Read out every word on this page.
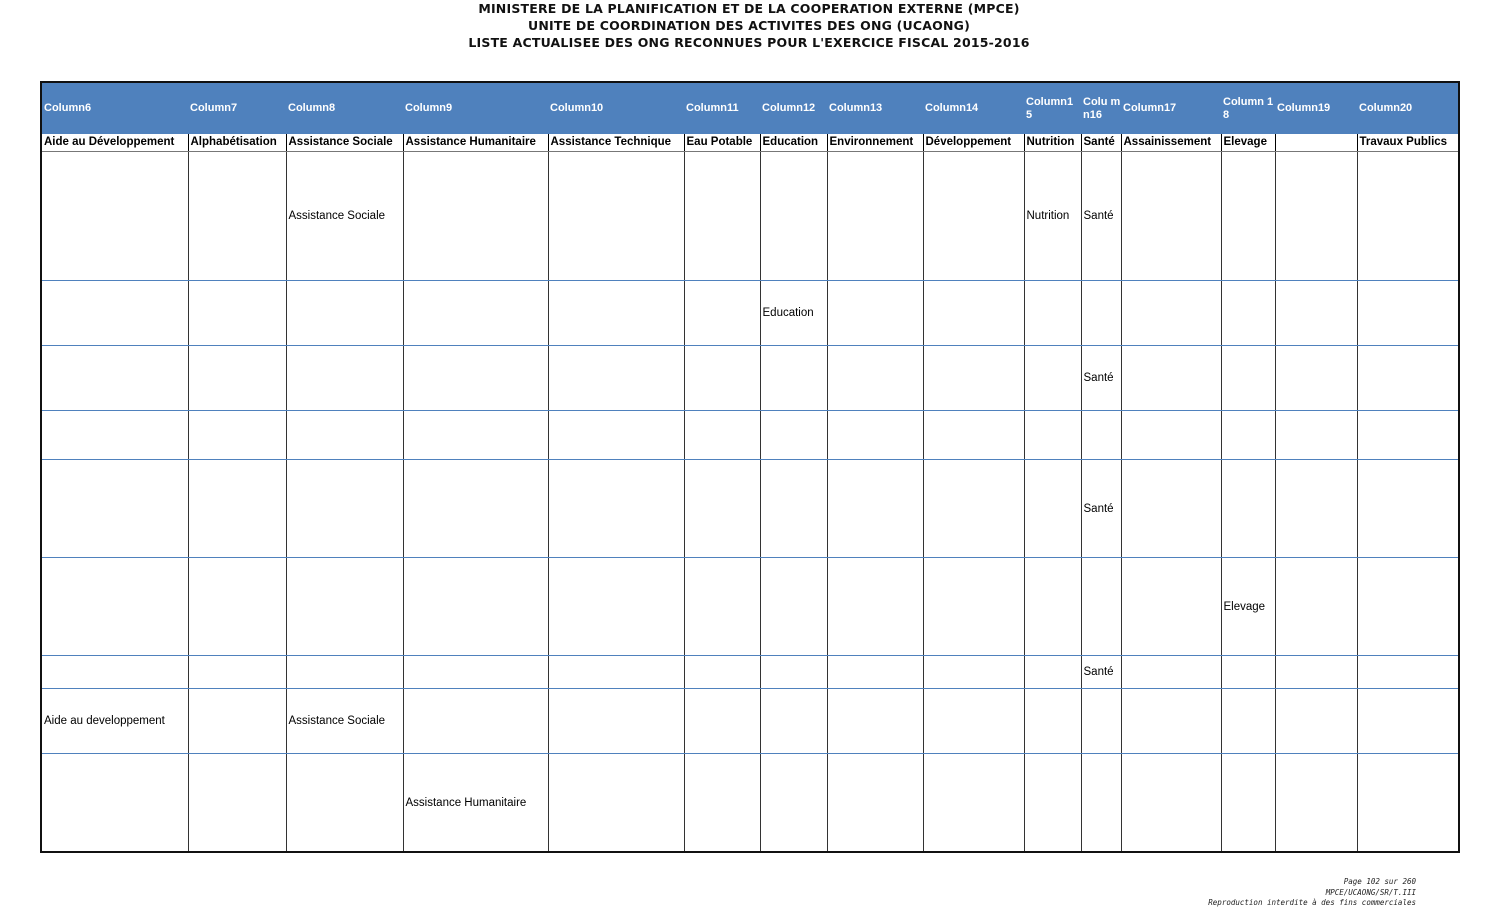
MINISTERE DE LA PLANIFICATION ET DE LA COOPERATION EXTERNE (MPCE)
UNITE DE COORDINATION DES ACTIVITES DES ONG (UCAONG)
LISTE ACTUALISEE DES ONG RECONNUES POUR L'EXERCICE FISCAL 2015-2016
Column6	Column7	Column8	Column9	Column10	Column11	Column12	Column13	Column14	Column1 5	Colu mn16	Column17	Column 18	Column19	Column20
Aide au Développement	Alphabétisation	Assistance Sociale	Assistance Humanitaire	Assistance Technique	Eau Potable	Education	Environnement	Développement	Nutrition	Santé	Assainissement	Elevage		Travaux Publics
		Assistance Sociale							Nutrition	Santé				
						Education								
										Santé				

										Santé				
												Elevage		
										Santé				
Aide au developpement		Assistance Sociale												
			Assistance Humanitaire											
Page 102 sur 260
MPCE/UCAONG/SR/T.III
Reproduction interdite à des fins commerciales
